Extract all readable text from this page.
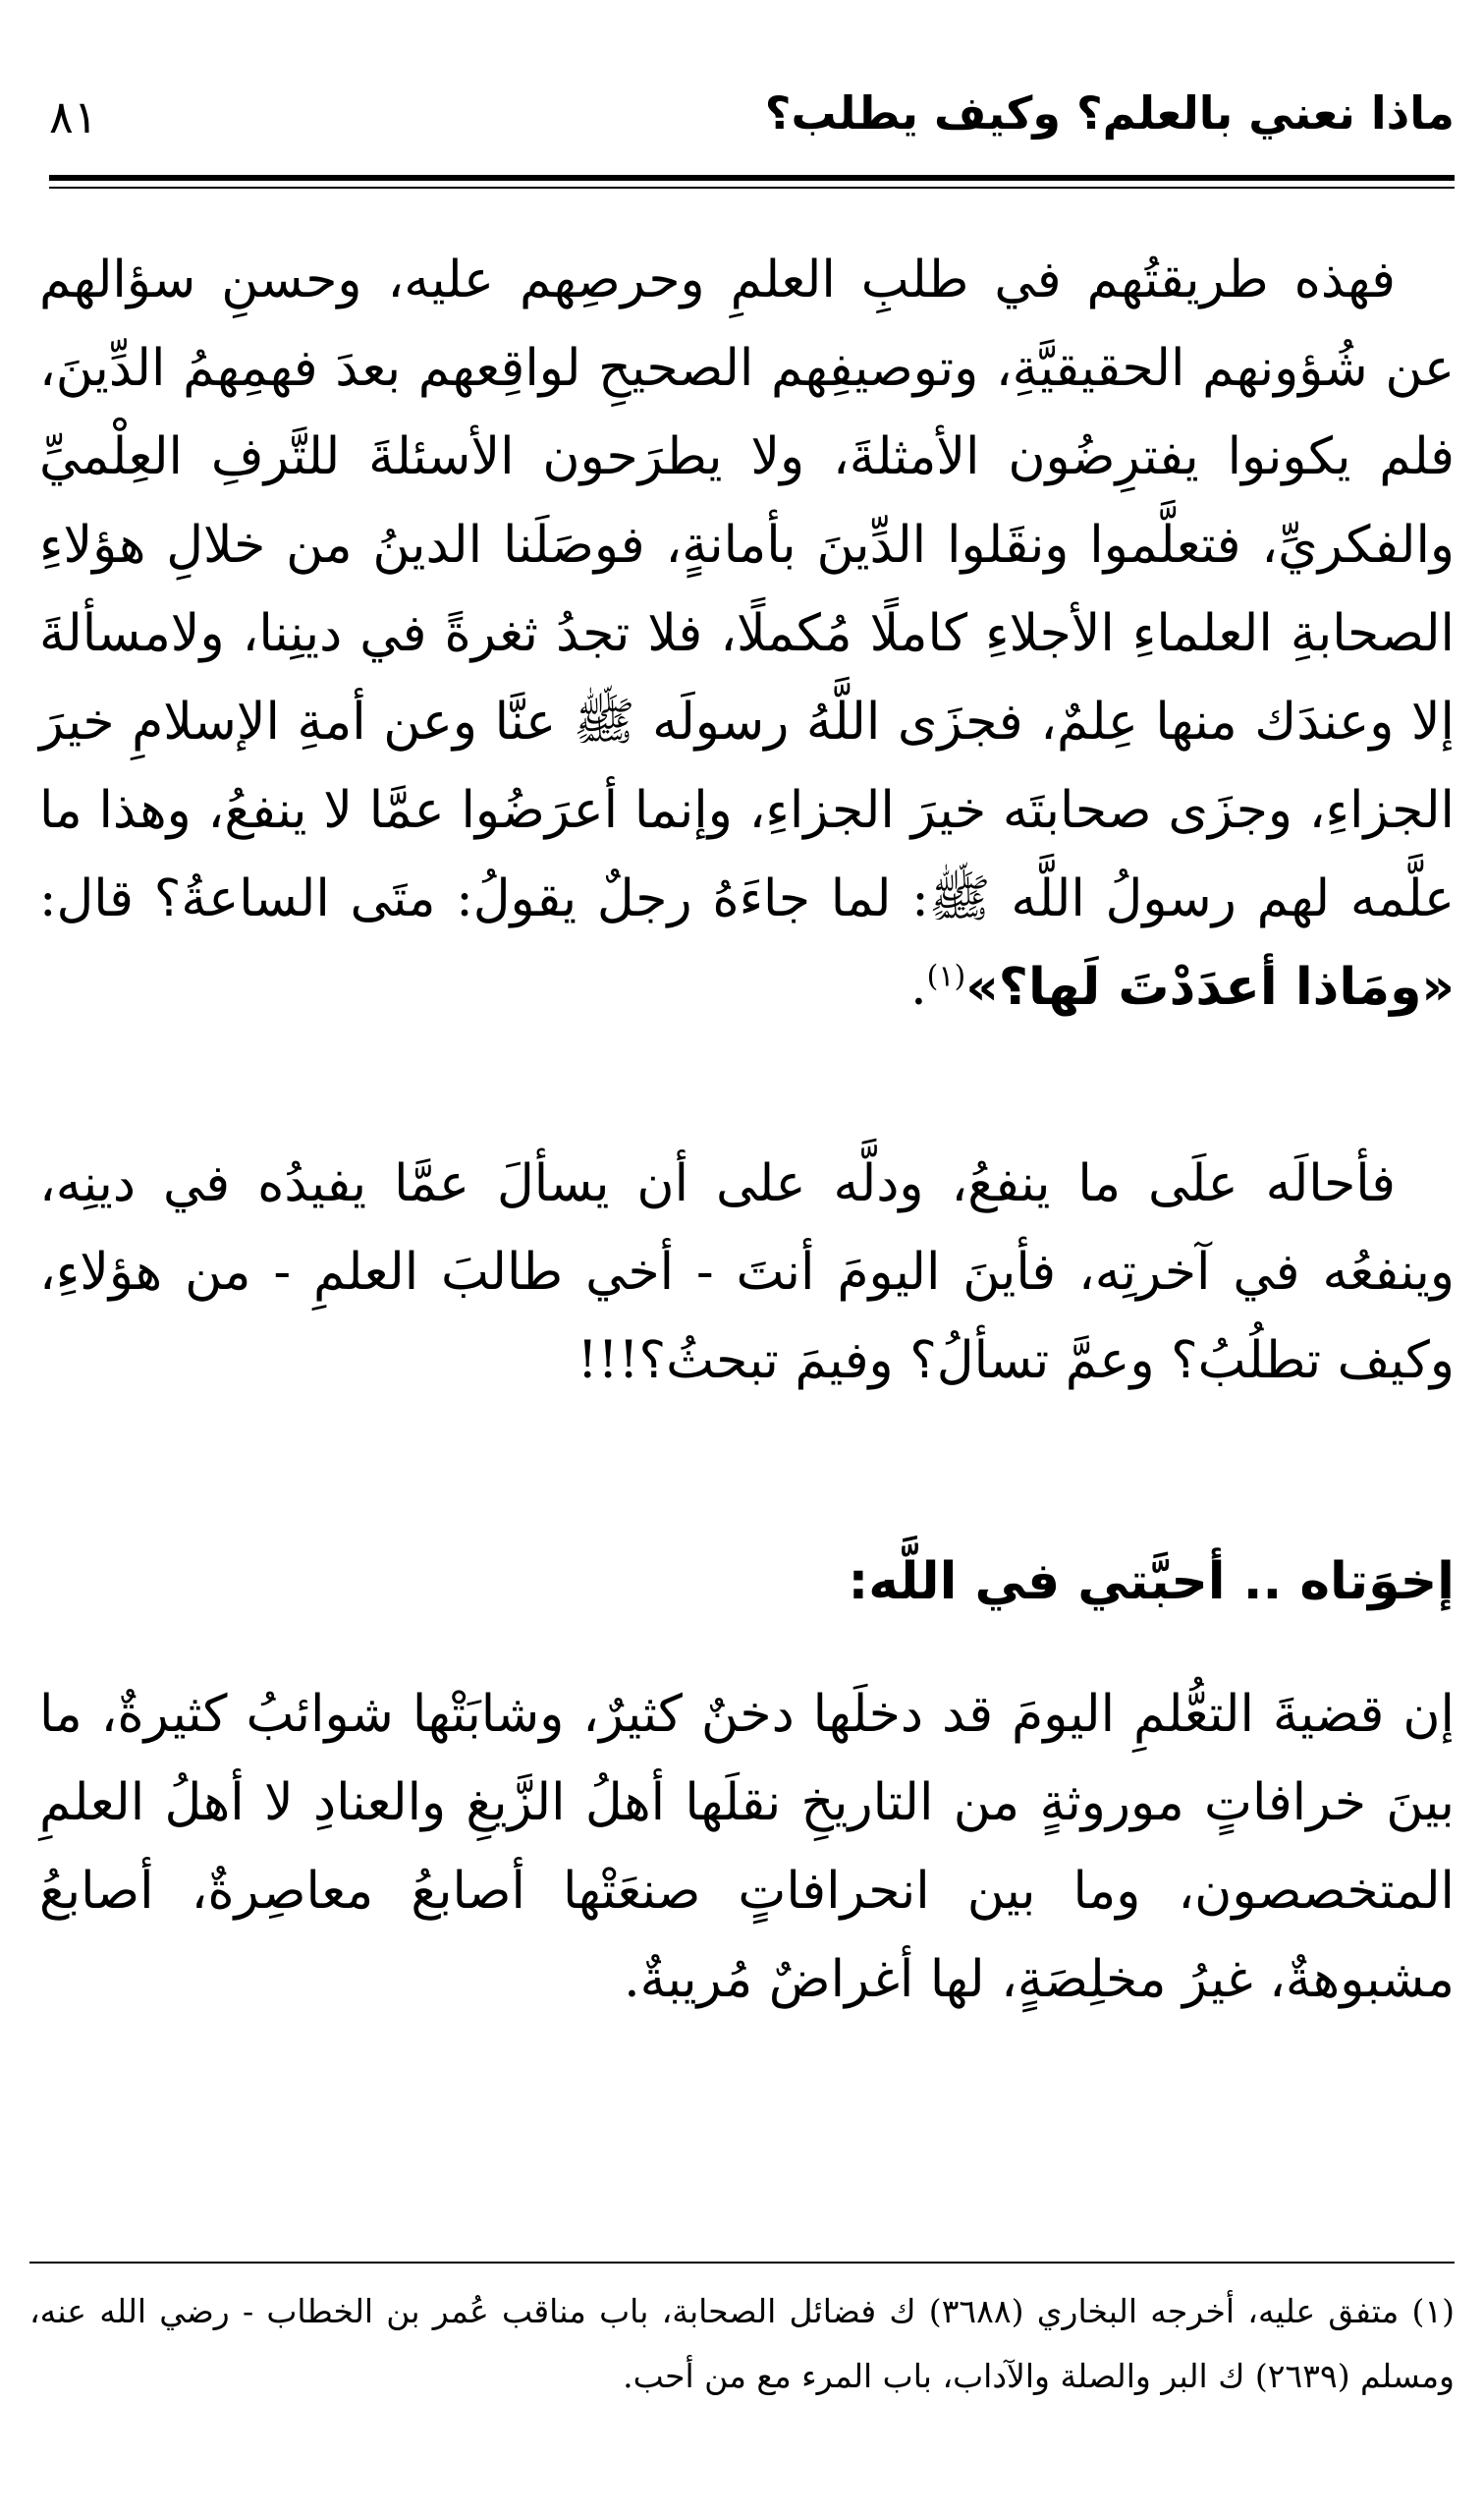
ماذا نعني بالعلم؟ وكيف يطلب؟
٨١

فهذه طريقتُهم في طلبِ العلمِ وحرصِهم عليه، وحسنِ سؤالهم عن شُؤونهم الحقيقيَّةِ، وتوصيفِهم الصحيحِ لواقِعهم بعدَ فهمِهمُ الدِّينَ، فلم يكونوا يفترِضُون الأمثلةَ، ولا يطرَحون الأسئلةَ للتَّرفِ العِلْميِّ والفكريِّ، فتعلَّموا ونقَلوا الدِّينَ بأمانةٍ، فوصَلَنا الدينُ من خلالِ هؤلاءِ الصحابةِ العلماءِ الأجلاءِ كاملًا مُكملًا، فلا تجدُ ثغرةً في دينِنا، ولامسألةَ إلا وعندَك منها عِلمٌ، فجزَى اللَّهُ رسولَه ﷺ عنَّا وعن أمةِ الإسلامِ خيرَ الجزاءِ، وجزَى صحابتَه خيرَ الجزاءِ، وإنما أعرَضُوا عمَّا لا ينفعُ، وهذا ما علَّمه لهم رسولُ اللَّه ﷺ: لما جاءَهُ رجلٌ يقولُ: متَى الساعةُ؟ قال: «ومَاذا أعدَدْتَ لَها؟»$^{(١)}$.

فأحالَه علَى ما ينفعُ، ودلَّه على أن يسألَ عمَّا يفيدُه في دينِه، وينفعُه في آخرتِه، فأينَ اليومَ أنتَ - أخي طالبَ العلمِ - من هؤلاءِ، وكيف تطلُبُ؟ وعمَّ تسألُ؟ وفيمَ تبحثُ؟!!!

إخوَتاه .. أحبَّتي في اللَّه:

إن قضيةَ التعُّلمِ اليومَ قد دخلَها دخنٌ كثيرٌ، وشابَتْها شوائبُ كثيرةٌ، ما بينَ خرافاتٍ موروثةٍ من التاريخِ نقلَها أهلُ الزَّيغِ والعنادِ لا أهلُ العلمِ المتخصصون، وما بين انحرافاتٍ صنعَتْها أصابعُ معاصِرةٌ، أصابعُ مشبوهةٌ، غيرُ مخلِصَةٍ، لها أغراضٌ مُريبةٌ.

(١) متفق عليه، أخرجه البخاري (٣٦٨٨) ك فضائل الصحابة، باب مناقب عُمر بن الخطاب - رضي الله عنه، ومسلم (٢٦٣٩) ك البر والصلة والآداب، باب المرء مع من أحب.
